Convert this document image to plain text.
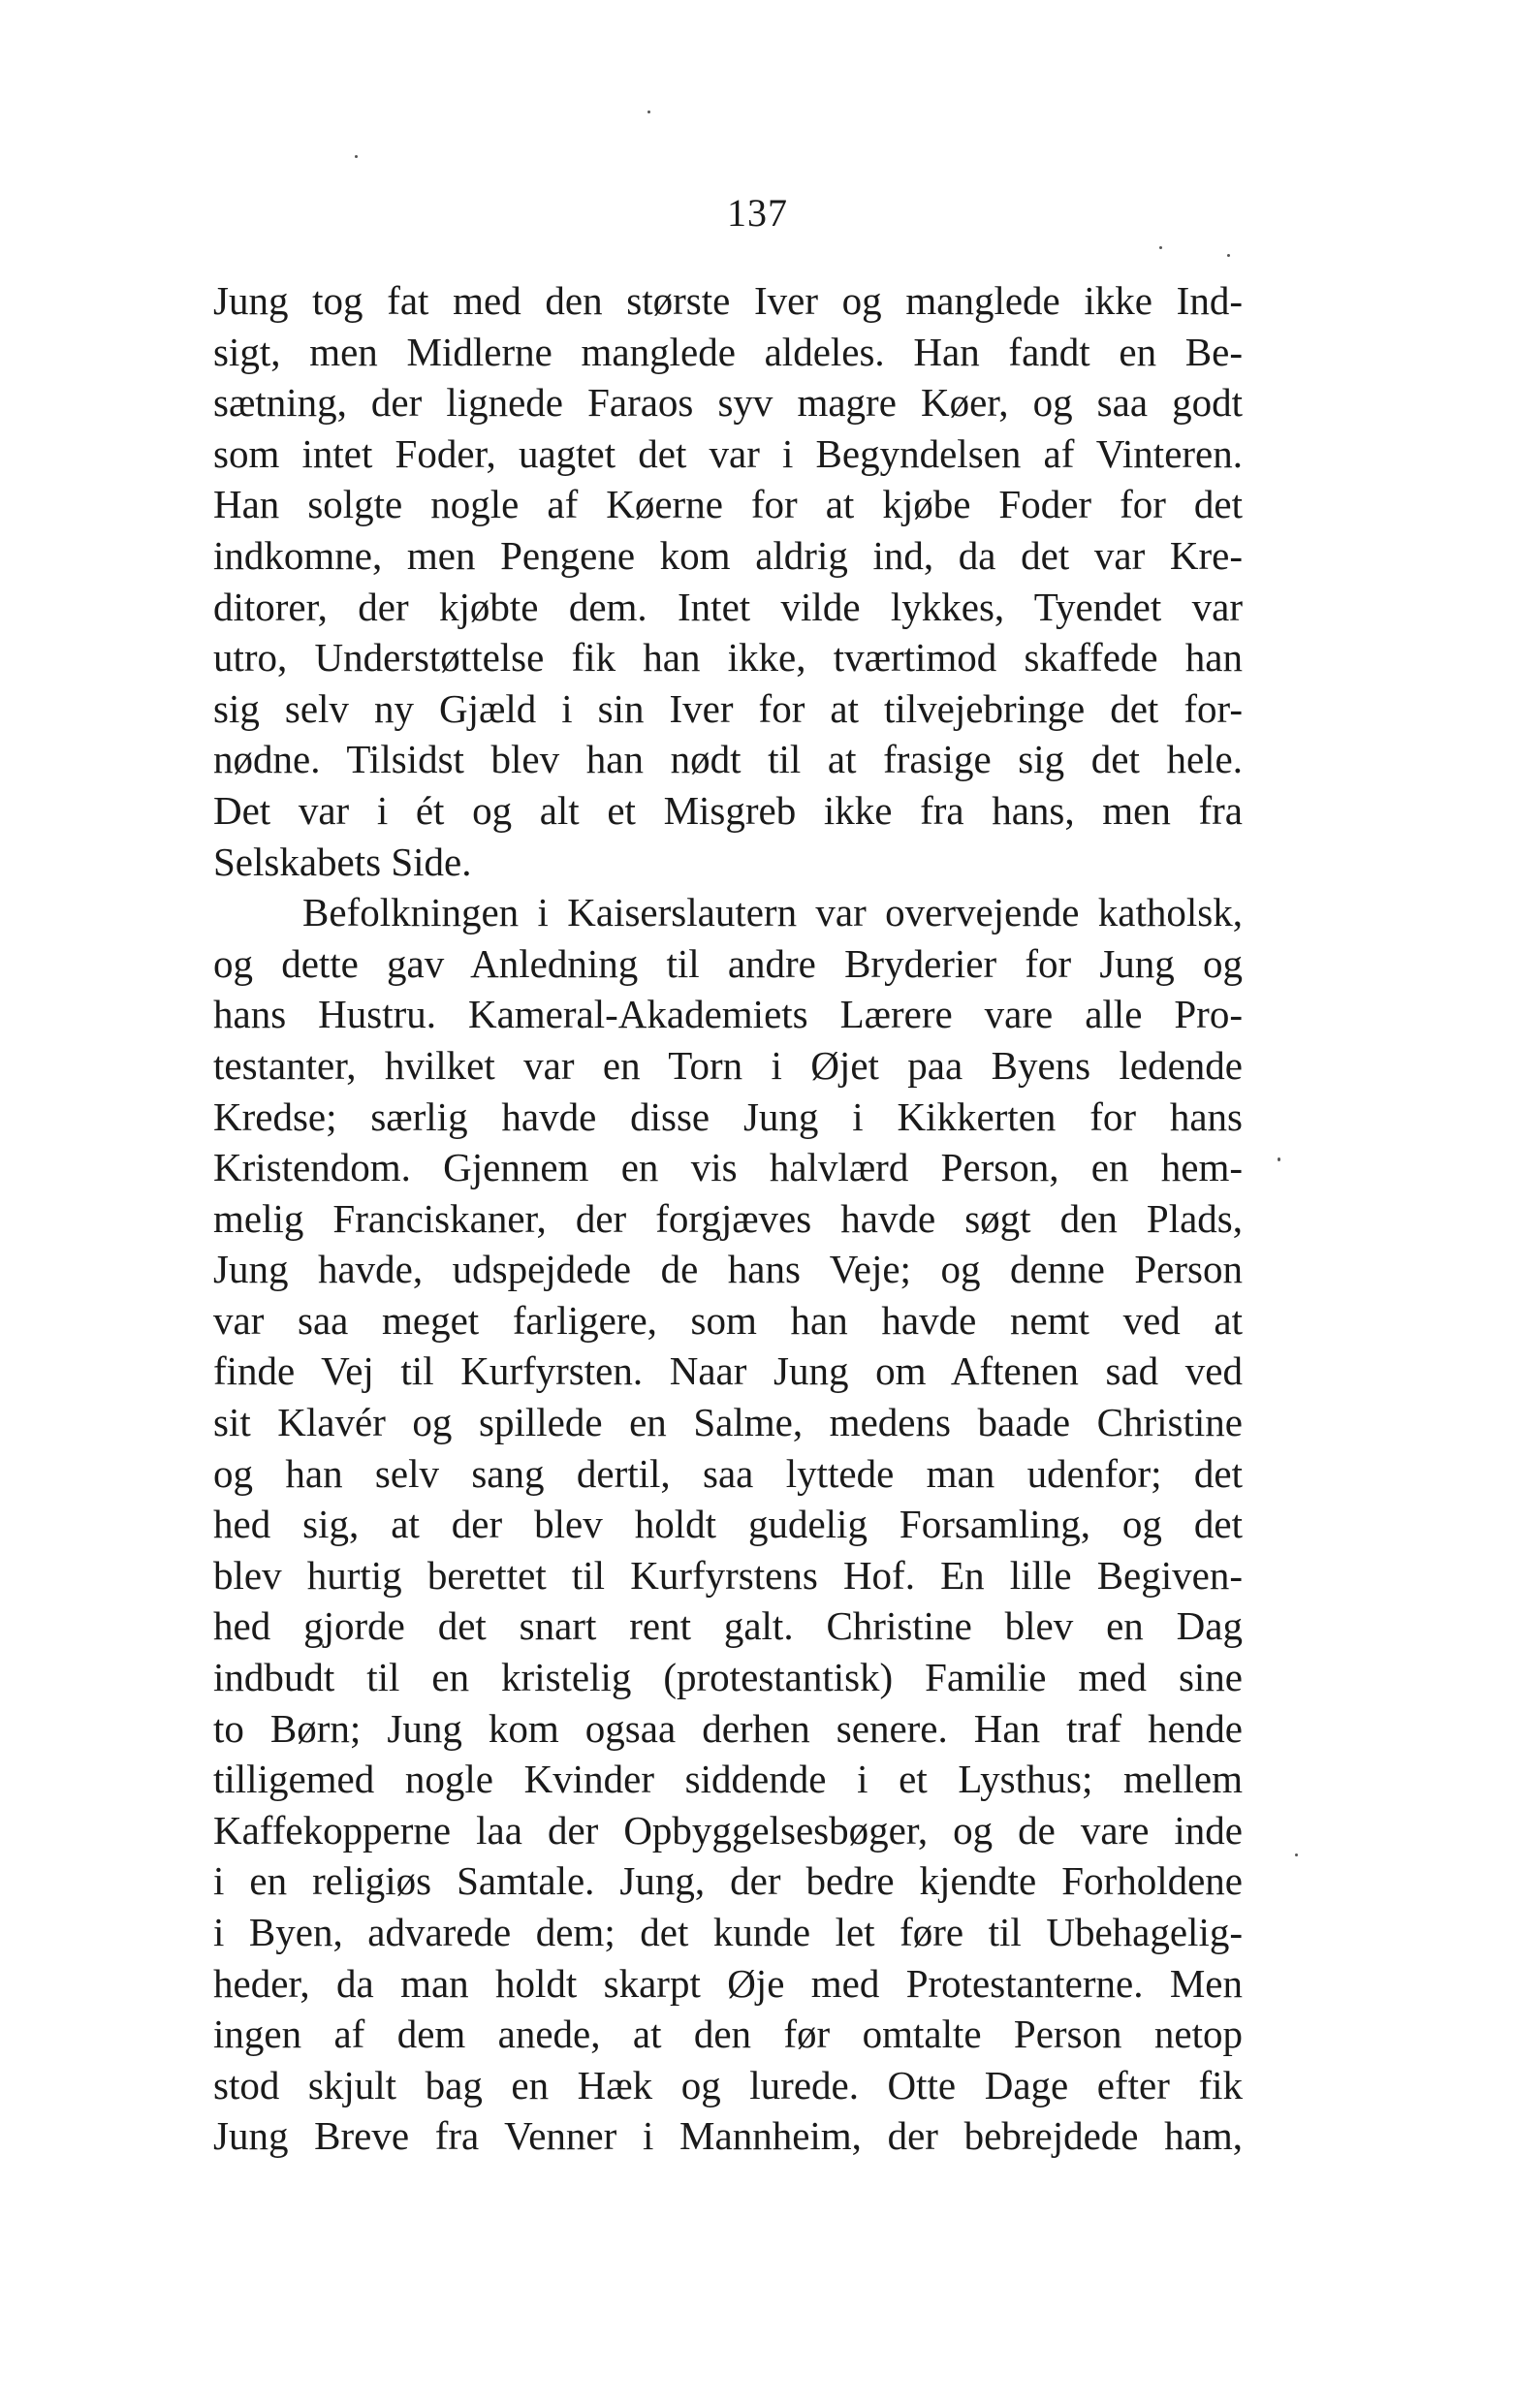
137
Jung tog fat med den største Iver og manglede ikke Ind-
sigt, men Midlerne manglede aldeles. Han fandt en Be-
sætning, der lignede Faraos syv magre Køer, og saa godt
som intet Foder, uagtet det var i Begyndelsen af Vinteren.
Han solgte nogle af Køerne for at kjøbe Foder for det
indkomne, men Pengene kom aldrig ind, da det var Kre-
ditorer, der kjøbte dem. Intet vilde lykkes, Tyendet var
utro, Understøttelse fik han ikke, tværtimod skaffede han
sig selv ny Gjæld i sin Iver for at tilvejebringe det for-
nødne. Tilsidst blev han nødt til at frasige sig det hele.
Det var i ét og alt et Misgreb ikke fra hans, men fra
Selskabets Side.
Befolkningen i Kaiserslautern var overvejende katholsk,
og dette gav Anledning til andre Bryderier for Jung og
hans Hustru. Kameral-Akademiets Lærere vare alle Pro-
testanter, hvilket var en Torn i Øjet paa Byens ledende
Kredse; særlig havde disse Jung i Kikkerten for hans
Kristendom. Gjennem en vis halvlærd Person, en hem-
melig Franciskaner, der forgjæves havde søgt den Plads,
Jung havde, udspejdede de hans Veje; og denne Person
var saa meget farligere, som han havde nemt ved at
finde Vej til Kurfyrsten. Naar Jung om Aftenen sad ved
sit Klavér og spillede en Salme, medens baade Christine
og han selv sang dertil, saa lyttede man udenfor; det
hed sig, at der blev holdt gudelig Forsamling, og det
blev hurtig berettet til Kurfyrstens Hof. En lille Begiven-
hed gjorde det snart rent galt. Christine blev en Dag
indbudt til en kristelig (protestantisk) Familie med sine
to Børn; Jung kom ogsaa derhen senere. Han traf hende
tilligemed nogle Kvinder siddende i et Lysthus; mellem
Kaffekopperne laa der Opbyggelsesbøger, og de vare inde
i en religiøs Samtale. Jung, der bedre kjendte Forholdene
i Byen, advarede dem; det kunde let føre til Ubehagelig-
heder, da man holdt skarpt Øje med Protestanterne. Men
ingen af dem anede, at den før omtalte Person netop
stod skjult bag en Hæk og lurede. Otte Dage efter fik
Jung Breve fra Venner i Mannheim, der bebrejdede ham,
